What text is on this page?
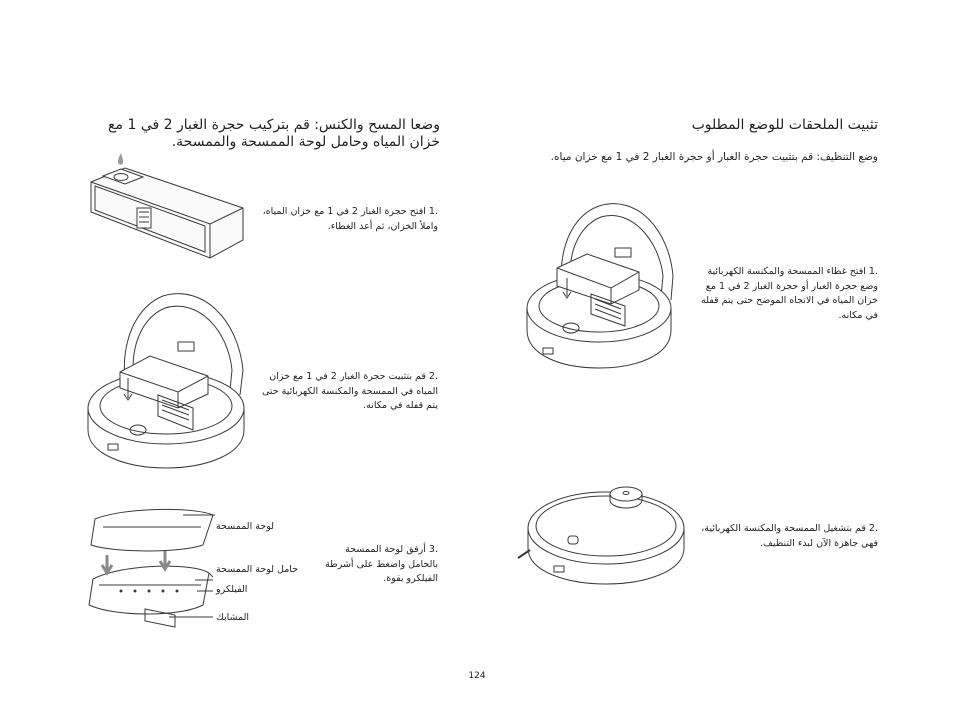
وضعا المسح والكنس: قم بتركيب حجرة الغبار 2 في 1 مع خزان المياه وحامل لوحة الممسحة والممسحة.
.1 افتح حجرة الغبار 2 في 1 مع خزان المياه، واملأ الخزان، ثم أعد الغطاء.
.2 قم بتثبيت حجرة الغبار 2 في 1 مع خزان المياه في الممسحة والمكنسة الكهربائية حتى يتم قفله في مكانه.
لوحة الممسحة
حامل لوحة الممسحة
الفيلكرو
المشابك
.3 أرفق لوحة الممسحة بالحامل واضغط على أشرطة الفيلكرو بقوة.
تثبيت الملحقات للوضع المطلوب
وضع التنظيف: قم بتثبيت حجرة الغبار أو حجرة الغبار 2 في 1 مع خزان مياه.
.1 افتح غطاء الممسحة والمكنسة الكهربائية وضع حجرة الغبار أو حجرة الغبار 2 في 1 مع خزان المياه في الاتجاه الموضح حتى يتم قفله في مكانه.
.2 قم بتشغيل الممسحة والمكنسة الكهربائية، فهي جاهزة الآن لبدء التنظيف.
124
